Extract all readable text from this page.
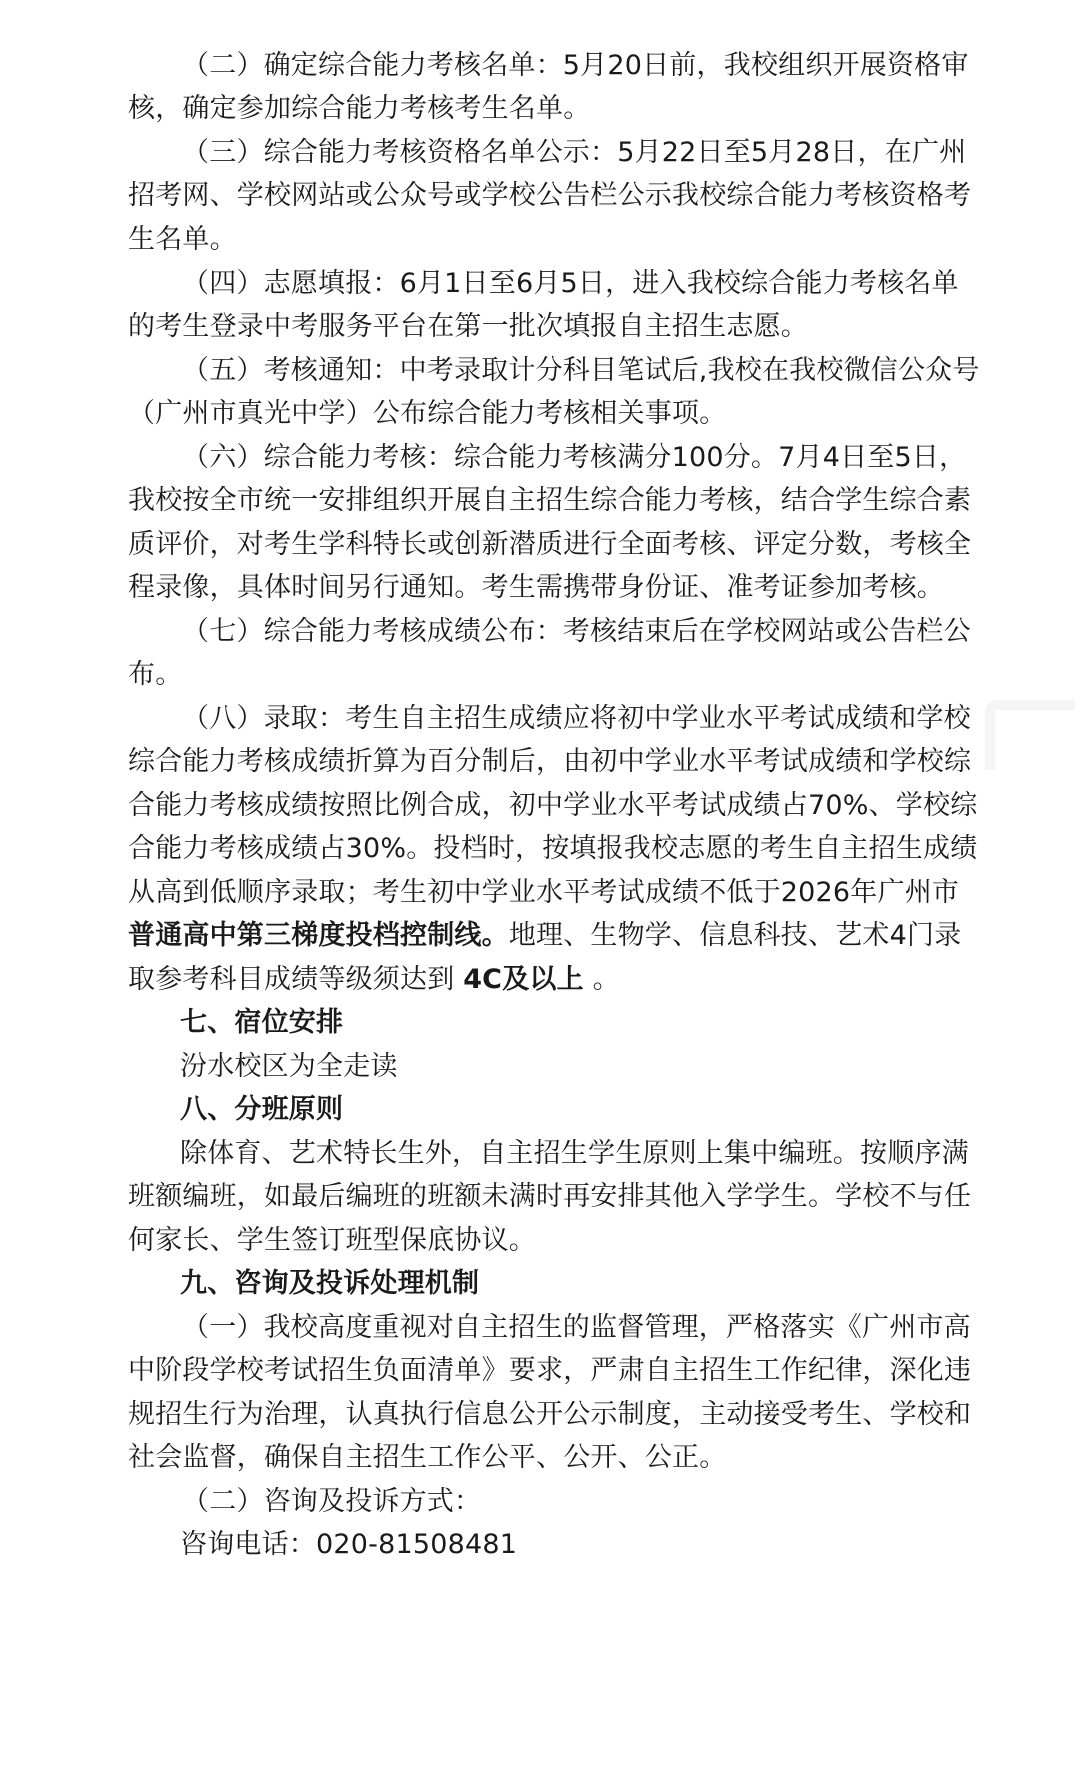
（二）确定综合能力考核名单：5月20日前，我校组织开展资格审
核，确定参加综合能力考核考生名单。
（三）综合能力考核资格名单公示：5月22日至5月28日，在广州
招考网、学校网站或公众号或学校公告栏公示我校综合能力考核资格考
生名单。
（四）志愿填报：6月1日至6月5日，进入我校综合能力考核名单
的考生登录中考服务平台在第一批次填报自主招生志愿。
（五）考核通知：中考录取计分科目笔试后,我校在我校微信公众号
（广州市真光中学）公布综合能力考核相关事项。
（六）综合能力考核：综合能力考核满分100分。7月4日至5日，
我校按全市统一安排组织开展自主招生综合能力考核，结合学生综合素
质评价，对考生学科特长或创新潜质进行全面考核、评定分数，考核全
程录像，具体时间另行通知。考生需携带身份证、准考证参加考核。
（七）综合能力考核成绩公布：考核结束后在学校网站或公告栏公
布。
（八）录取：考生自主招生成绩应将初中学业水平考试成绩和学校
综合能力考核成绩折算为百分制后，由初中学业水平考试成绩和学校综
合能力考核成绩按照比例合成，初中学业水平考试成绩占70%、学校综
合能力考核成绩占30%。投档时，按填报我校志愿的考生自主招生成绩
从高到低顺序录取；考生初中学业水平考试成绩不低于2026年广州市
普通高中第三梯度投档控制线。地理、生物学、信息科技、艺术4门录
取参考科目成绩等级须达到 4C及以上 。
七、宿位安排
汾水校区为全走读
八、分班原则
除体育、艺术特长生外，自主招生学生原则上集中编班。按顺序满
班额编班，如最后编班的班额未满时再安排其他入学学生。学校不与任
何家长、学生签订班型保底协议。
九、咨询及投诉处理机制
（一）我校高度重视对自主招生的监督管理，严格落实《广州市高
中阶段学校考试招生负面清单》要求，严肃自主招生工作纪律，深化违
规招生行为治理，认真执行信息公开公示制度，主动接受考生、学校和
社会监督，确保自主招生工作公平、公开、公正。
（二）咨询及投诉方式：
咨询电话：020-81508481
